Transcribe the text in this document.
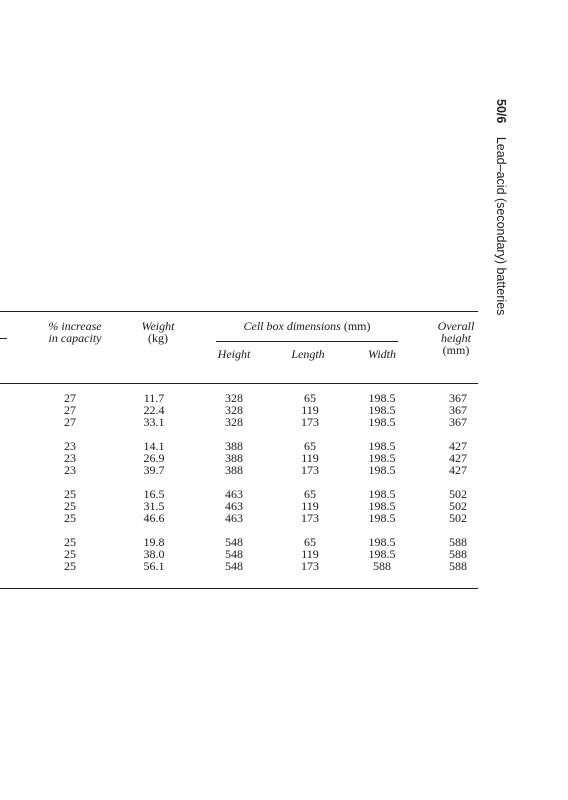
50/6 Lead–acid (secondary) batteries
% increase
in capacity
Weight
(kg)
Cell box dimensions (mm)
Height	Length	Width
Overall
height
(mm)
27	11.7	328	65	198.5	367
27	22.4	328	119	198.5	367
27	33.1	328	173	198.5	367
23	14.1	388	65	198.5	427
23	26.9	388	119	198.5	427
23	39.7	388	173	198.5	427
25	16.5	463	65	198.5	502
25	31.5	463	119	198.5	502
25	46.6	463	173	198.5	502
25	19.8	548	65	198.5	588
25	38.0	548	119	198.5	588
25	56.1	548	173	588	588
